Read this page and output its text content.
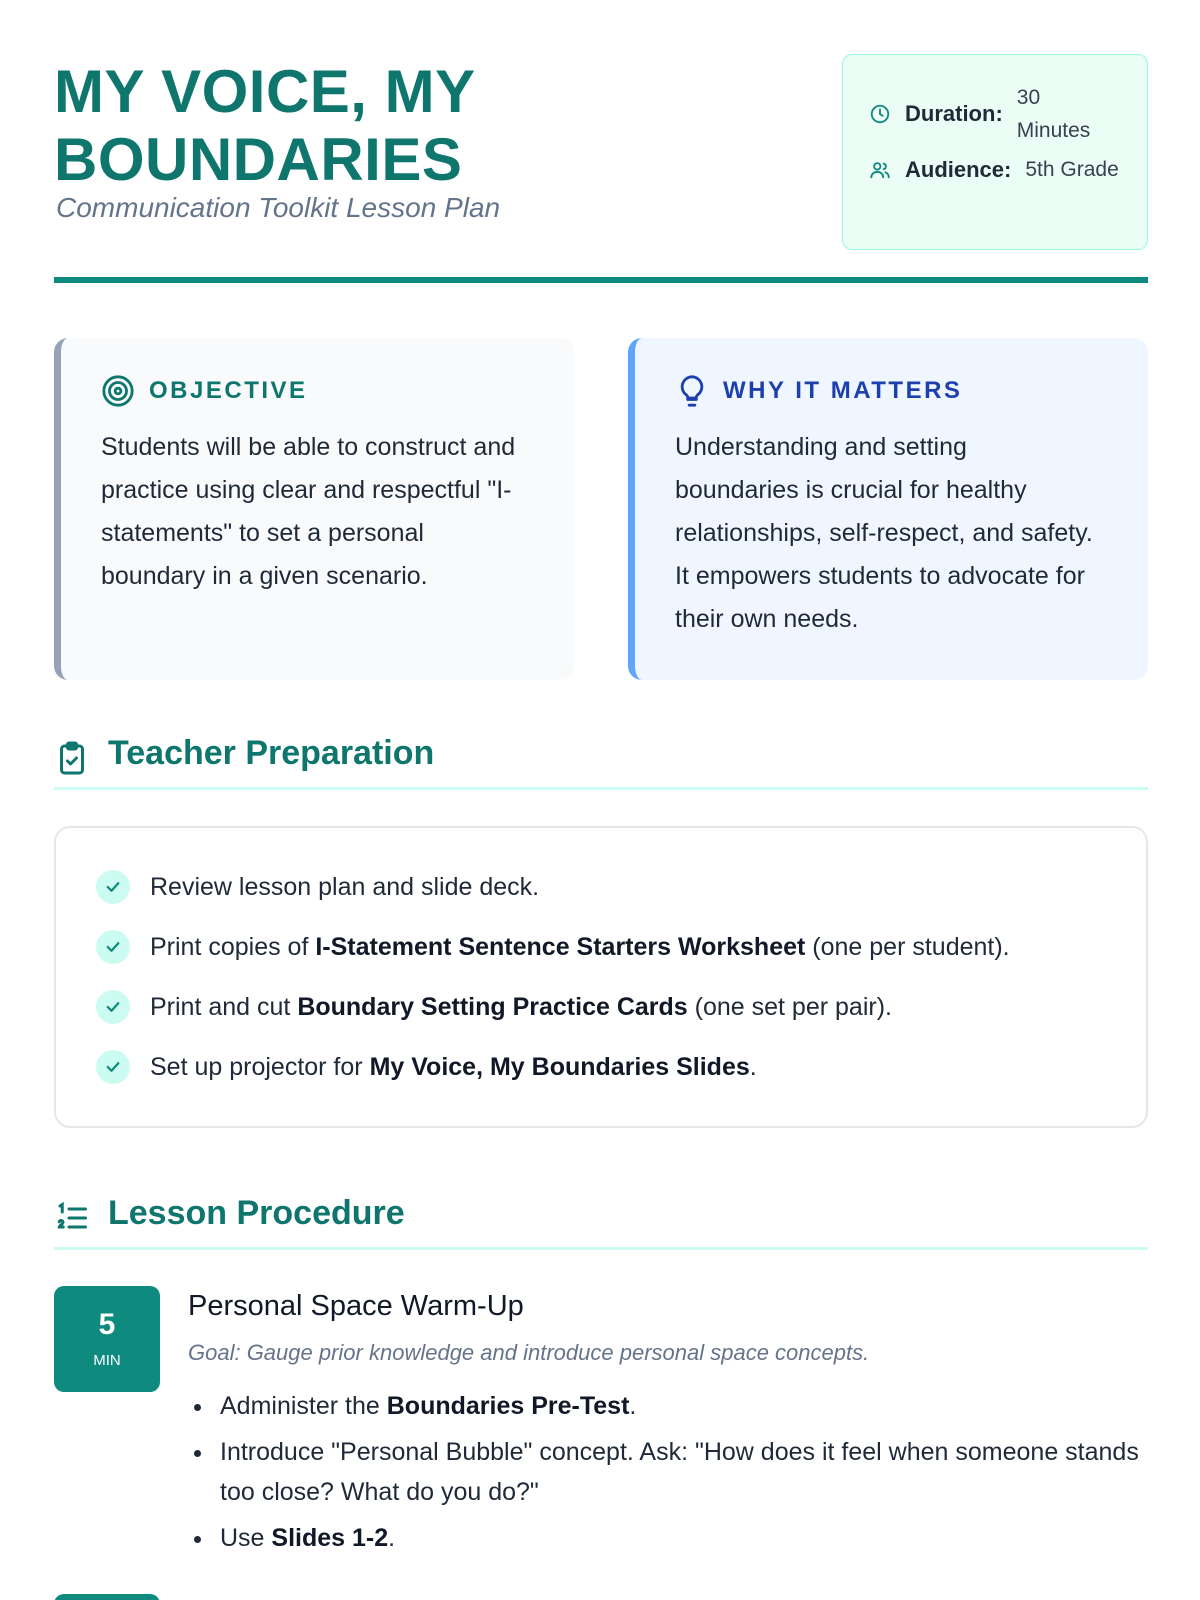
MY VOICE, MY BOUNDARIES
Communication Toolkit Lesson Plan
Duration:
30 Minutes
Audience: 5th Grade
OBJECTIVE

Students will be able to construct and practice using clear and respectful "I-statements" to set a personal boundary in a given scenario.

WHY IT MATTERS

Understanding and setting boundaries is crucial for healthy relationships, self-respect, and safety. It empowers students to advocate for their own needs.

Teacher Preparation
Review lesson plan and slide deck.
Print copies of I-Statement Sentence Starters Worksheet (one per student).
Print and cut Boundary Setting Practice Cards (one set per pair).
Set up projector for My Voice, My Boundaries Slides.
Lesson Procedure
5
MIN
Personal Space Warm-Up
Goal: Gauge prior knowledge and introduce personal space concepts.
Administer the Boundaries Pre-Test.
Introduce "Personal Bubble" concept. Ask: "How does it feel when someone stands too close? What do you do?"
Use Slides 1-2.
